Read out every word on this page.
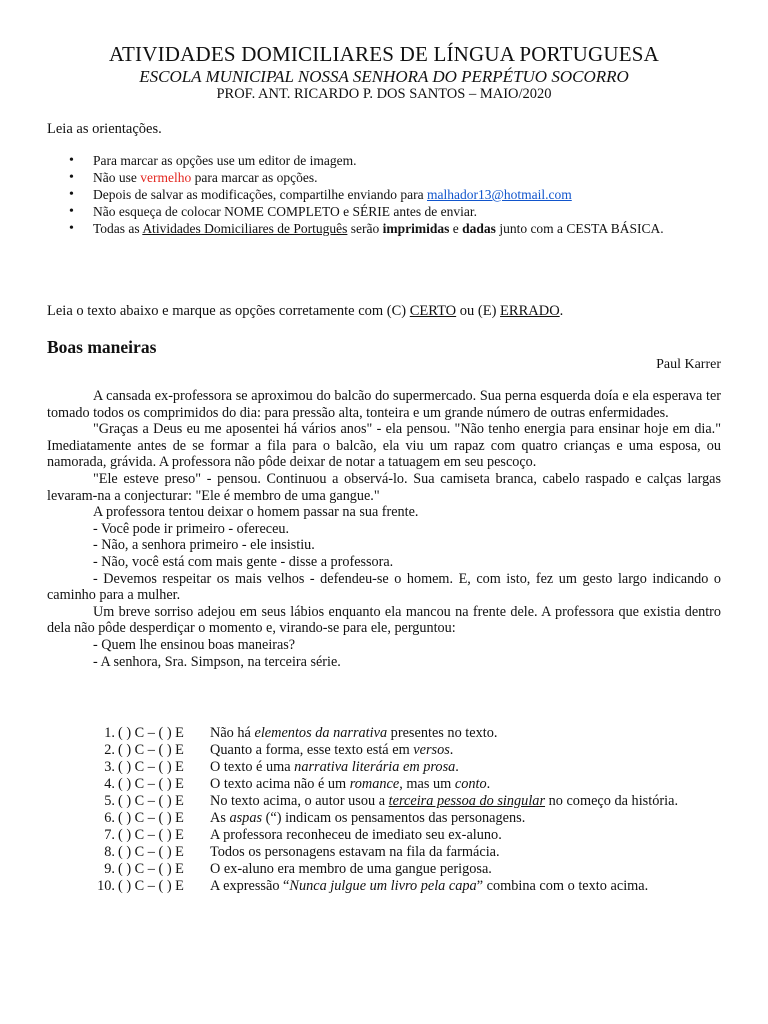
ATIVIDADES DOMICILIARES DE LÍNGUA PORTUGUESA
ESCOLA MUNICIPAL NOSSA SENHORA DO PERPÉTUO SOCORRO
PROF. ANT. RICARDO P. DOS SANTOS – MAIO/2020
Leia as orientações.
• Para marcar as opções use um editor de imagem.
• Não use vermelho para marcar as opções.
• Depois de salvar as modificações, compartilhe enviando para malhador13@hotmail.com
• Não esqueça de colocar NOME COMPLETO e SÉRIE antes de enviar.
• Todas as Atividades Domiciliares de Português serão imprimidas e dadas junto com a CESTA BÁSICA.
Leia o texto abaixo e marque as opções corretamente com (C) CERTO ou (E) ERRADO.
Boas maneiras
Paul Karrer

A cansada ex-professora se aproximou do balcão do supermercado. Sua perna esquerda doía e ela esperava ter tomado todos os comprimidos do dia: para pressão alta, tonteira e um grande número de outras enfermidades.

"Graças a Deus eu me aposentei há vários anos" - ela pensou. "Não tenho energia para ensinar hoje em dia." Imediatamente antes de se formar a fila para o balcão, ela viu um rapaz com quatro crianças e uma esposa, ou namorada, grávida. A professora não pôde deixar de notar a tatuagem em seu pescoço.

"Ele esteve preso" - pensou. Continuou a observá-lo. Sua camiseta branca, cabelo raspado e calças largas levaram-na a conjecturar: "Ele é membro de uma gangue."

A professora tentou deixar o homem passar na sua frente.

- Você pode ir primeiro - ofereceu.

- Não, a senhora primeiro - ele insistiu.

- Não, você está com mais gente - disse a professora.

- Devemos respeitar os mais velhos - defendeu-se o homem. E, com isto, fez um gesto largo indicando o caminho para a mulher.

Um breve sorriso adejou em seus lábios enquanto ela mancou na frente dele. A professora que existia dentro dela não pôde desperdiçar o momento e, virando-se para ele, perguntou:

- Quem lhe ensinou boas maneiras?

- A senhora, Sra. Simpson, na terceira série.

1. ( ) C – ( ) E Não há elementos da narrativa presentes no texto.
2. ( ) C – ( ) E Quanto a forma, esse texto está em versos.
3. ( ) C – ( ) E O texto é uma narrativa literária em prosa.
4. ( ) C – ( ) E O texto acima não é um romance, mas um conto.
5. ( ) C – ( ) E No texto acima, o autor usou a terceira pessoa do singular no começo da história.
6. ( ) C – ( ) E As aspas (“) indicam os pensamentos das personagens.
7. ( ) C – ( ) E A professora reconheceu de imediato seu ex-aluno.
8. ( ) C – ( ) E Todos os personagens estavam na fila da farmácia.
9. ( ) C – ( ) E O ex-aluno era membro de uma gangue perigosa.
10. ( ) C – ( ) E A expressão “Nunca julgue um livro pela capa” combina com o texto acima.
